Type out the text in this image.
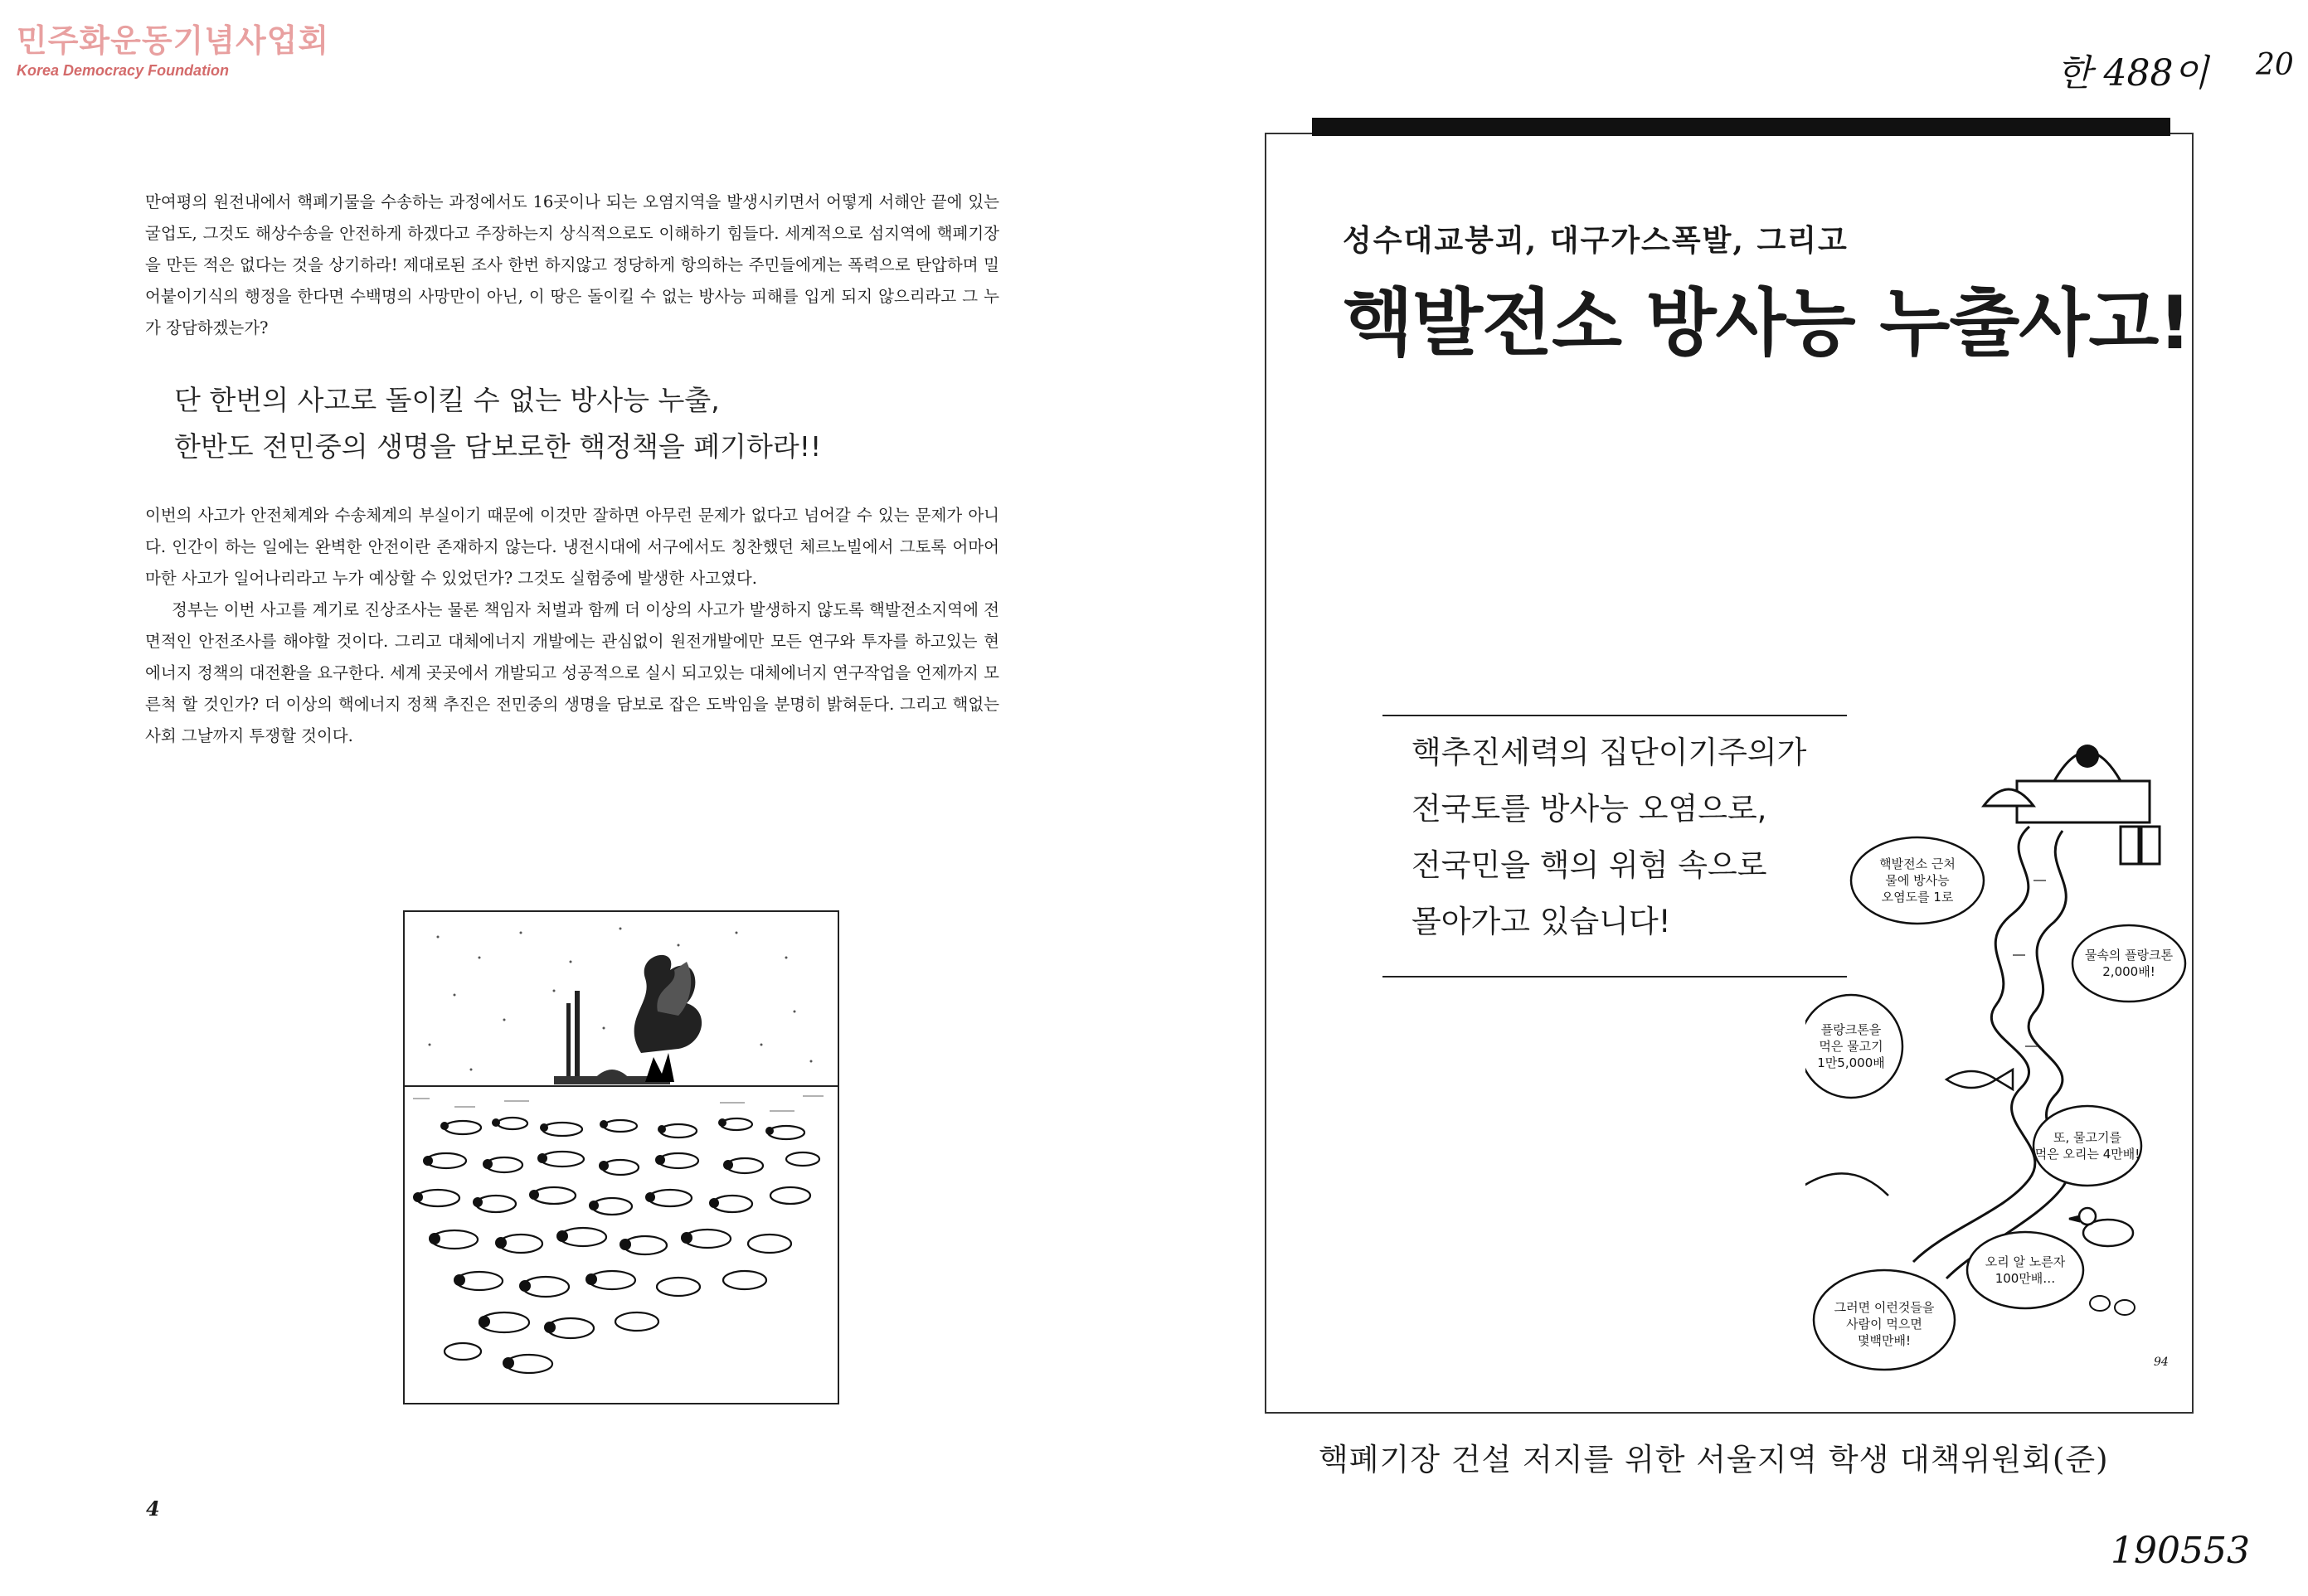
민주화운동기념사업회
Korea Democracy Foundation

만여평의 원전내에서 핵폐기물을 수송하는 과정에서도 16곳이나 되는 오염지역을 발생시키면서 어떻게 서해안 끝에 있는 굴업도, 그것도 해상수송을 안전하게 하겠다고 주장하는지 상식적으로도 이해하기 힘들다. 세계적으로 섬지역에 핵폐기장을 만든 적은 없다는 것을 상기하라! 제대로된 조사 한번 하지않고 정당하게 항의하는 주민들에게는 폭력으로 탄압하며 밀어붙이기식의 행정을 한다면 수백명의 사망만이 아닌, 이 땅은 돌이킬 수 없는 방사능 피해를 입게 되지 않으리라고 그 누가 장담하겠는가?

단 한번의 사고로 돌이킬 수 없는 방사능 누출,
한반도 전민중의 생명을 담보로한 핵정책을 폐기하라!!

이번의 사고가 안전체계와 수송체계의 부실이기 때문에 이것만 잘하면 아무런 문제가 없다고 넘어갈 수 있는 문제가 아니다. 인간이 하는 일에는 완벽한 안전이란 존재하지 않는다. 냉전시대에 서구에서도 칭찬했던 체르노빌에서 그토록 어마어마한 사고가 일어나리라고 누가 예상할 수 있었던가? 그것도 실험중에 발생한 사고였다.

정부는 이번 사고를 계기로 진상조사는 물론 책임자 처벌과 함께 더 이상의 사고가 발생하지 않도록 핵발전소지역에 전면적인 안전조사를 해야할 것이다. 그리고 대체에너지 개발에는 관심없이 원전개발에만 모든 연구와 투자를 하고있는 현 에너지 정책의 대전환을 요구한다. 세계 곳곳에서 개발되고 성공적으로 실시 되고있는 대체에너지 연구작업을 언제까지 모른척 할 것인가? 더 이상의 핵에너지 정책 추진은 전민중의 생명을 담보로 잡은 도박임을 분명히 밝혀둔다. 그리고 핵없는 사회 그날까지 투쟁할 것이다.

4
한 488이 20
성수대교붕괴, 대구가스폭발, 그리고
핵발전소 방사능 누출사고!
핵추진세력의 집단이기주의가
전국토를 방사능 오염으로,
전국민을 핵의 위험 속으로
몰아가고 있습니다!
핵발전소 근처
물에 방사능
오염도를 1로
물속의 플랑크톤
2,000배!
플랑크톤을
먹은 물고기
1만5,000배
또, 물고기를
먹은 오리는 4만배!
오리 알 노른자
100만배…
그러면 이런것들을
사람이 먹으면
몇백만배!
94
핵폐기장 건설 저지를 위한 서울지역 학생 대책위원회(준)
190553
